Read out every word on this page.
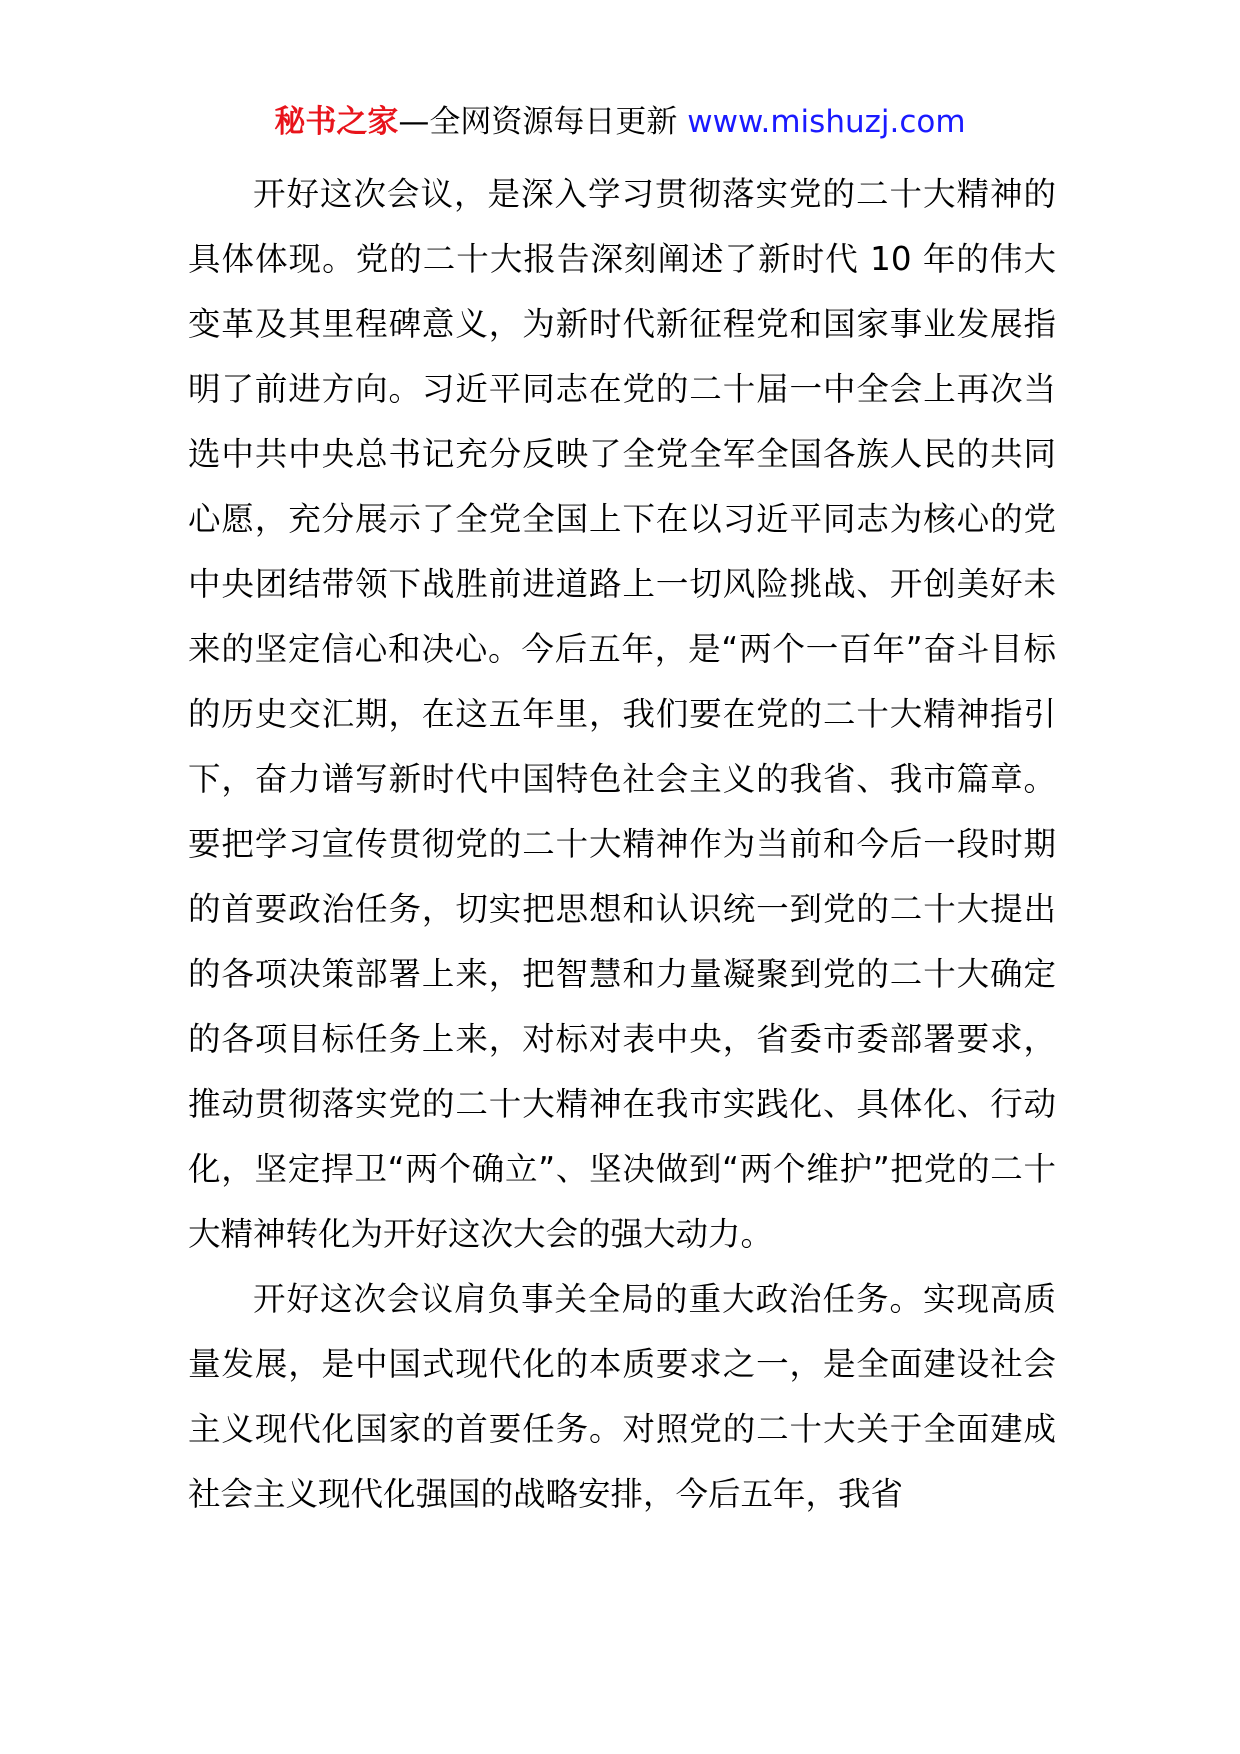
秘书之家—全网资源每日更新 www.mishuzj.com

开好这次会议，是深入学习贯彻落实党的二十大精神的具体体现。党的二十大报告深刻阐述了新时代 10 年的伟大变革及其里程碑意义，为新时代新征程党和国家事业发展指明了前进方向。习近平同志在党的二十届一中全会上再次当选中共中央总书记充分反映了全党全军全国各族人民的共同心愿，充分展示了全党全国上下在以习近平同志为核心的党中央团结带领下战胜前进道路上一切风险挑战、开创美好未来的坚定信心和决心。今后五年，是“两个一百年”奋斗目标的历史交汇期，在这五年里，我们要在党的二十大精神指引下，奋力谱写新时代中国特色社会主义的我省、我市篇章。要把学习宣传贯彻党的二十大精神作为当前和今后一段时期的首要政治任务，切实把思想和认识统一到党的二十大提出的各项决策部署上来，把智慧和力量凝聚到党的二十大确定的各项目标任务上来，对标对表中央，省委市委部署要求，推动贯彻落实党的二十大精神在我市实践化、具体化、行动化，坚定捍卫“两个确立”、坚决做到“两个维护”把党的二十大精神转化为开好这次大会的强大动力。

开好这次会议肩负事关全局的重大政治任务。实现高质量发展，是中国式现代化的本质要求之一，是全面建设社会主义现代化国家的首要任务。对照党的二十大关于全面建成社会主义现代化强国的战略安排，今后五年，我省
